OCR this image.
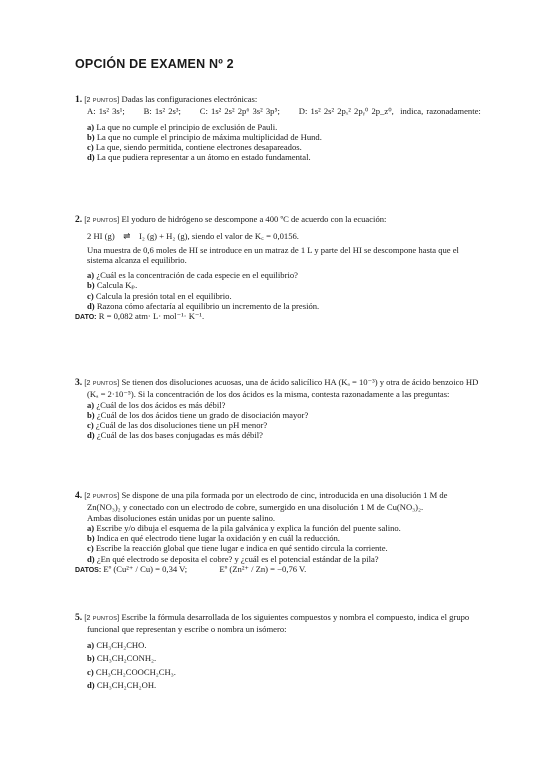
OPCIÓN DE EXAMEN Nº 2
1. [2 PUNTOS] Dadas las configuraciones electrónicas:
A: 1s² 3s¹; B: 1s² 2s³; C: 1s² 2s² 2p⁶ 3s² 3p⁵; D: 1s² 2s² 2pₓ² 2pᵧ⁰ 2p_z⁰, indica, razonadamente:
a) La que no cumple el principio de exclusión de Pauli.
b) La que no cumple el principio de máxima multiplicidad de Hund.
c) La que, siendo permitida, contiene electrones desapareados.
d) La que pudiera representar a un átomo en estado fundamental.
2. [2 PUNTOS] El yoduro de hidrógeno se descompone a 400 ºC de acuerdo con la ecuación:
2 HI (g) ⇌ I₂ (g) + H₂ (g), siendo el valor de K꜀ = 0,0156.
Una muestra de 0,6 moles de HI se introduce en un matraz de 1 L y parte del HI se descompone hasta que el
sistema alcanza el equilibrio.
a) ¿Cuál es la concentración de cada especie en el equilibrio?
b) Calcula Kₚ.
c) Calcula la presión total en el equilibrio.
d) Razona cómo afectaría al equilibrio un incremento de la presión.
DATO: R = 0,082 atm· L· mol⁻¹· K⁻¹.
3. [2 PUNTOS] Se tienen dos disoluciones acuosas, una de ácido salicílico HA (Kₐ = 10⁻³) y otra de ácido benzoico HD
(Kₐ = 2·10⁻⁵). Si la concentración de los dos ácidos es la misma, contesta razonadamente a las preguntas:
a) ¿Cuál de los dos ácidos es más débil?
b) ¿Cuál de los dos ácidos tiene un grado de disociación mayor?
c) ¿Cuál de las dos disoluciones tiene un pH menor?
d) ¿Cuál de las dos bases conjugadas es más débil?
4. [2 PUNTOS] Se dispone de una pila formada por un electrodo de cinc, introducida en una disolución 1 M de
Zn(NO₃)₂ y conectado con un electrodo de cobre, sumergido en una disolución 1 M de Cu(NO₃)₂.
Ambas disoluciones están unidas por un puente salino.
a) Escribe y/o dibuja el esquema de la pila galvánica y explica la función del puente salino.
b) Indica en qué electrodo tiene lugar la oxidación y en cuál la reducción.
c) Escribe la reacción global que tiene lugar e indica en qué sentido circula la corriente.
d) ¿En qué electrodo se deposita el cobre? y ¿cuál es el potencial estándar de la pila?
DATOS: Eº (Cu²⁺ / Cu) = 0,34 V;	Eº (Zn²⁺ / Zn) = −0,76 V.
5. [2 PUNTOS] Escribe la fórmula desarrollada de los siguientes compuestos y nombra el compuesto, indica el grupo
funcional que representan y escribe o nombra un isómero:
a) CH₃CH₂CHO.
b) CH₃CH₂CONH₂.
c) CH₃CH₂COOCH₂CH₃.
d) CH₃CH₂CH₂OH.
